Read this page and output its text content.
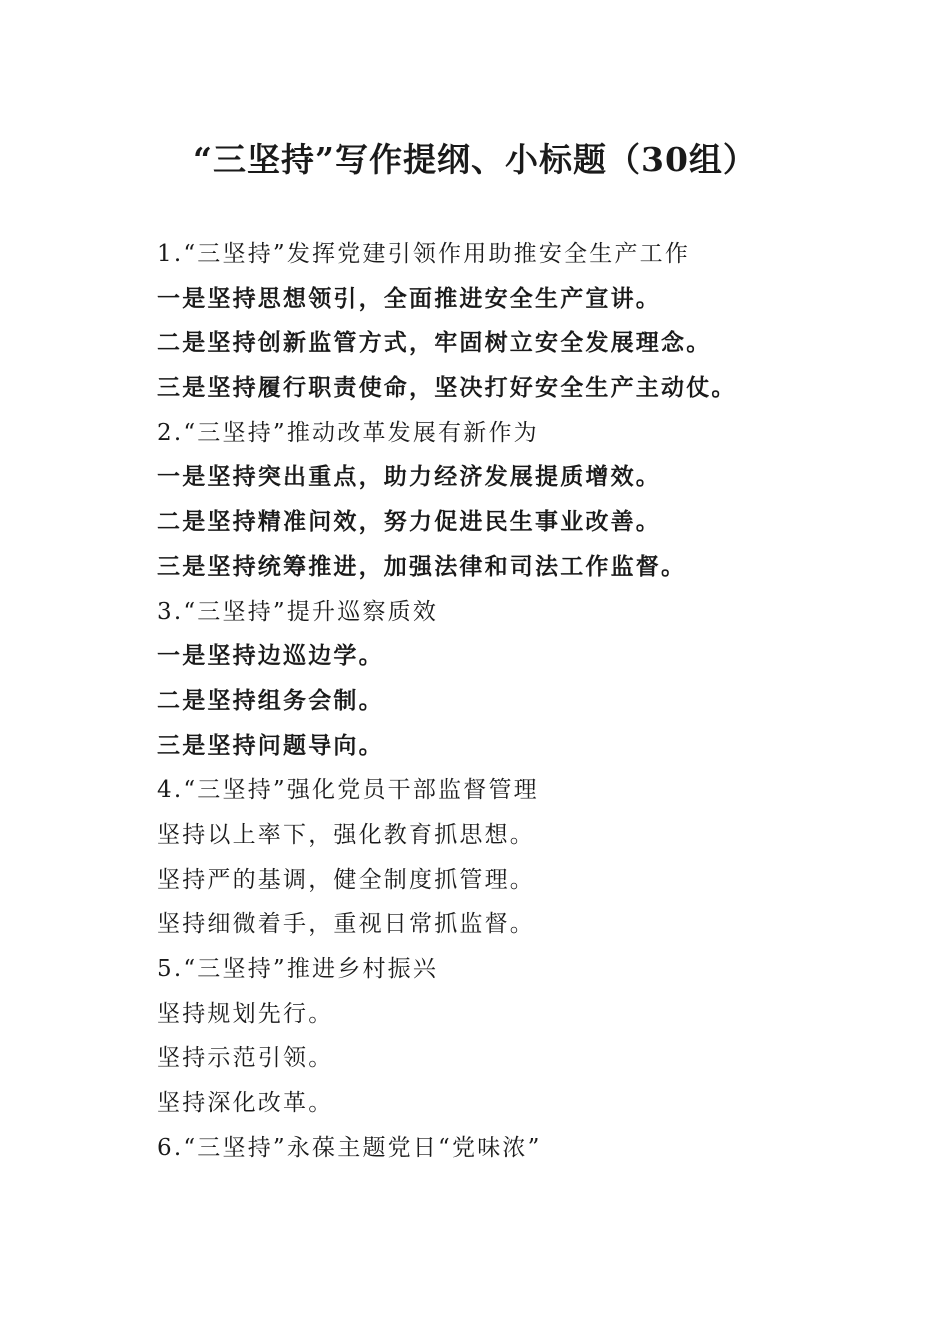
“三坚持”写作提纲、小标题（30组）
1.“三坚持”发挥党建引领作用助推安全生产工作
一是坚持思想领引，全面推进安全生产宣讲。
二是坚持创新监管方式，牢固树立安全发展理念。
三是坚持履行职责使命，坚决打好安全生产主动仗。
2.“三坚持”推动改革发展有新作为
一是坚持突出重点，助力经济发展提质增效。
二是坚持精准问效，努力促进民生事业改善。
三是坚持统筹推进，加强法律和司法工作监督。
3.“三坚持”提升巡察质效
一是坚持边巡边学。
二是坚持组务会制。
三是坚持问题导向。
4.“三坚持”强化党员干部监督管理
坚持以上率下，强化教育抓思想。
坚持严的基调，健全制度抓管理。
坚持细微着手，重视日常抓监督。
5.“三坚持”推进乡村振兴
坚持规划先行。
坚持示范引领。
坚持深化改革。
6.“三坚持”永葆主题党日“党味浓”
